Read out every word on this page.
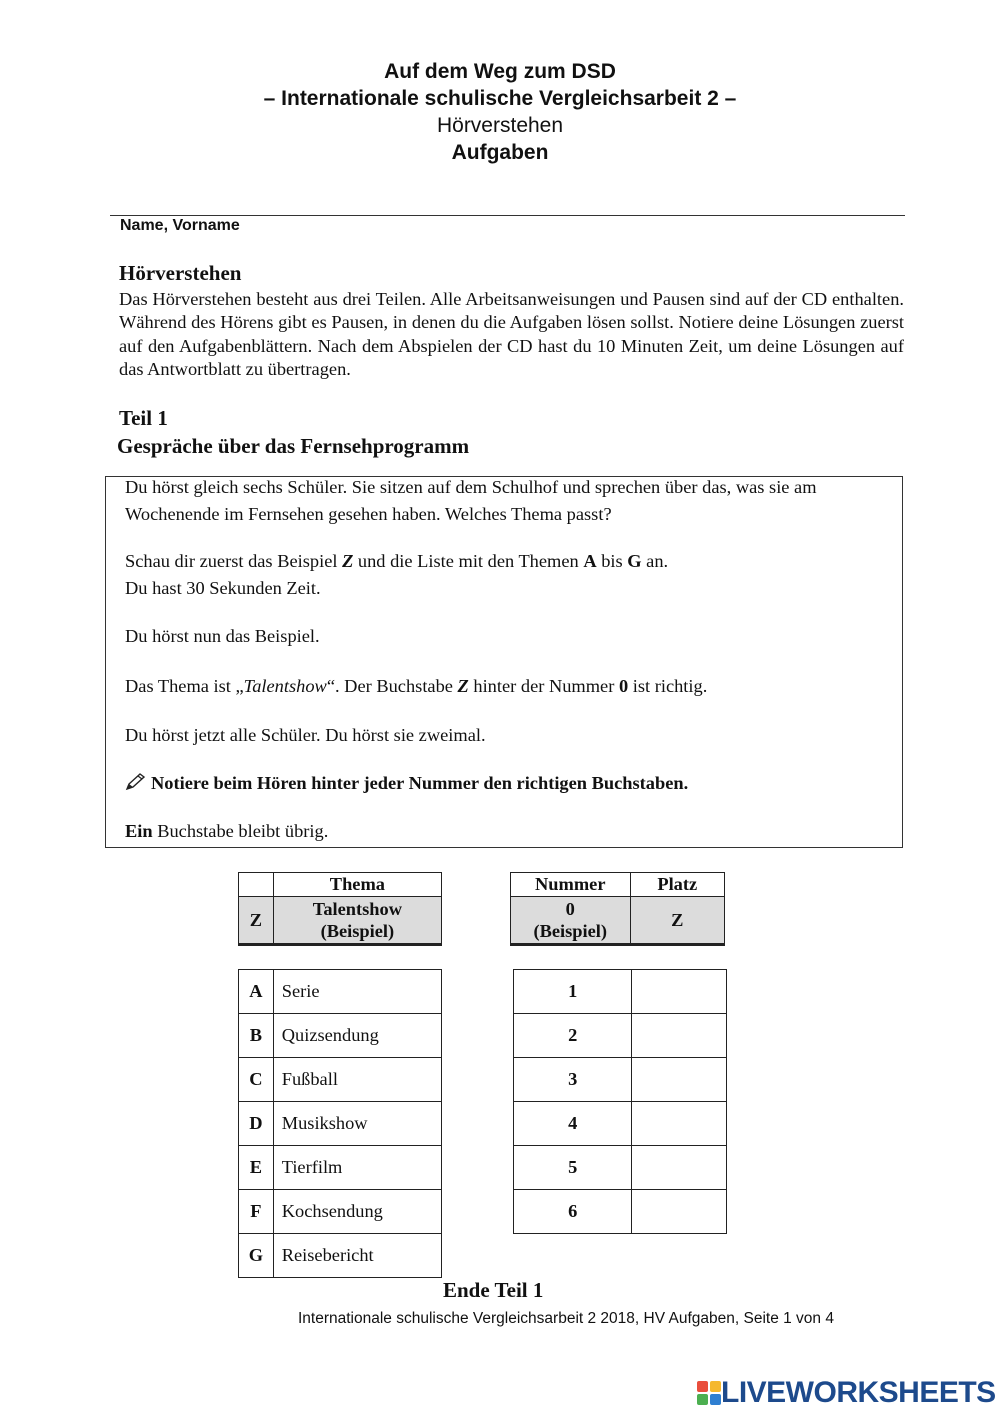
Auf dem Weg zum DSD
– Internationale schulische Vergleichsarbeit 2 –
Hörverstehen
Aufgaben
Name, Vorname
Hörverstehen
Das Hörverstehen besteht aus drei Teilen. Alle Arbeitsanweisungen und Pausen sind auf der CD enthalten. Während des Hörens gibt es Pausen, in denen du die Aufgaben lösen sollst. Notiere deine Lösungen zuerst auf den Aufgabenblättern. Nach dem Abspielen der CD hast du 10 Minuten Zeit, um deine Lösungen auf das Antwortblatt zu übertragen.
Teil 1
Gespräche über das Fernsehprogramm
Du hörst gleich sechs Schüler. Sie sitzen auf dem Schulhof und sprechen über das, was sie am
Wochenende im Fernsehen gesehen haben. Welches Thema passt?
Schau dir zuerst das Beispiel Z und die Liste mit den Themen A bis G an.
Du hast 30 Sekunden Zeit.
Du hörst nun das Beispiel.
Das Thema ist „Talentshow“. Der Buchstabe Z hinter der Nummer 0 ist richtig.
Du hörst jetzt alle Schüler. Du hörst sie zweimal.
Notiere beim Hören hinter jeder Nummer den richtigen Buchstaben.
Ein Buchstabe bleibt übrig.
	Thema
Z	Talentshow
(Beispiel)
Nummer	Platz
0
(Beispiel)	Z
A	Serie
B	Quizsendung
C	Fußball
D	Musikshow
E	Tierfilm
F	Kochsendung
G	Reisebericht
1	
2	
3	
4	
5	
6	
Ende Teil 1
Internationale schulische Vergleichsarbeit 2 2018, HV Aufgaben, Seite 1 von 4
LIVEWORKSHEETS
